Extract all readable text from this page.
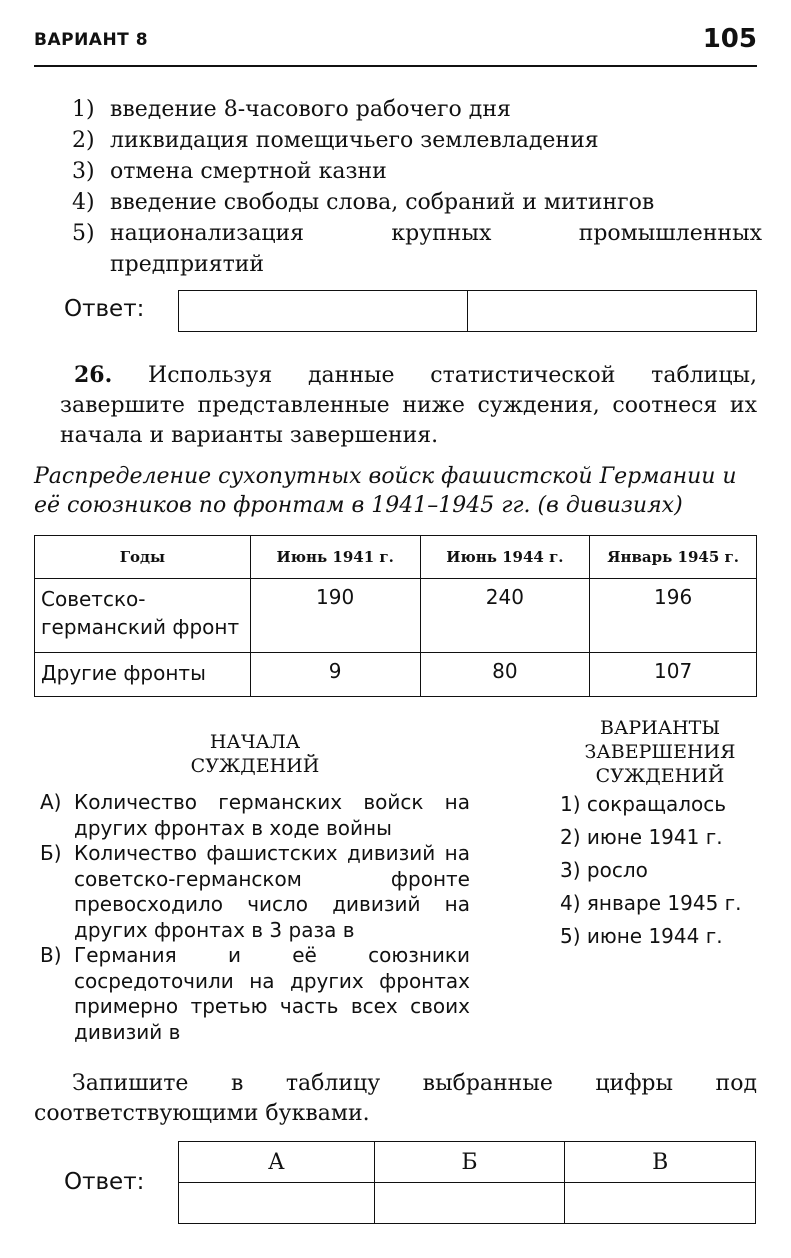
ВАРИАНТ 8	105
1) введение 8-часового рабочего дня
2) ликвидация помещичьего землевладения
3) отмена смертной казни
4) введение свободы слова, собраний и митингов
5) национализация крупных промышленных предприятий
Ответ:
26. Используя данные статистической таблицы, завершите представленные ниже суждения, соотнеся их начала и варианты завершения.
Распределение сухопутных войск фашистской Германии и её союзников по фронтам в 1941–1945 гг. (в дивизиях)
Годы	Июнь 1941 г.	Июнь 1944 г.	Январь 1945 г.
Советско-германский фронт	190	240	196
Другие фронты	9	80	107
НАЧАЛА СУЖДЕНИЙ
ВАРИАНТЫ ЗАВЕРШЕНИЯ СУЖДЕНИЙ
А) Количество германских войск на других фронтах в ходе войны
Б) Количество фашистских дивизий на советско-германском фронте превосходило число дивизий на других фронтах в 3 раза в
В) Германия и её союзники сосредоточили на других фронтах примерно третью часть всех своих дивизий в
1) сокращалось
2) июне 1941 г.
3) росло
4) январе 1945 г.
5) июне 1944 г.
Запишите в таблицу выбранные цифры под соответствующими буквами.
Ответ:
А	Б	В
